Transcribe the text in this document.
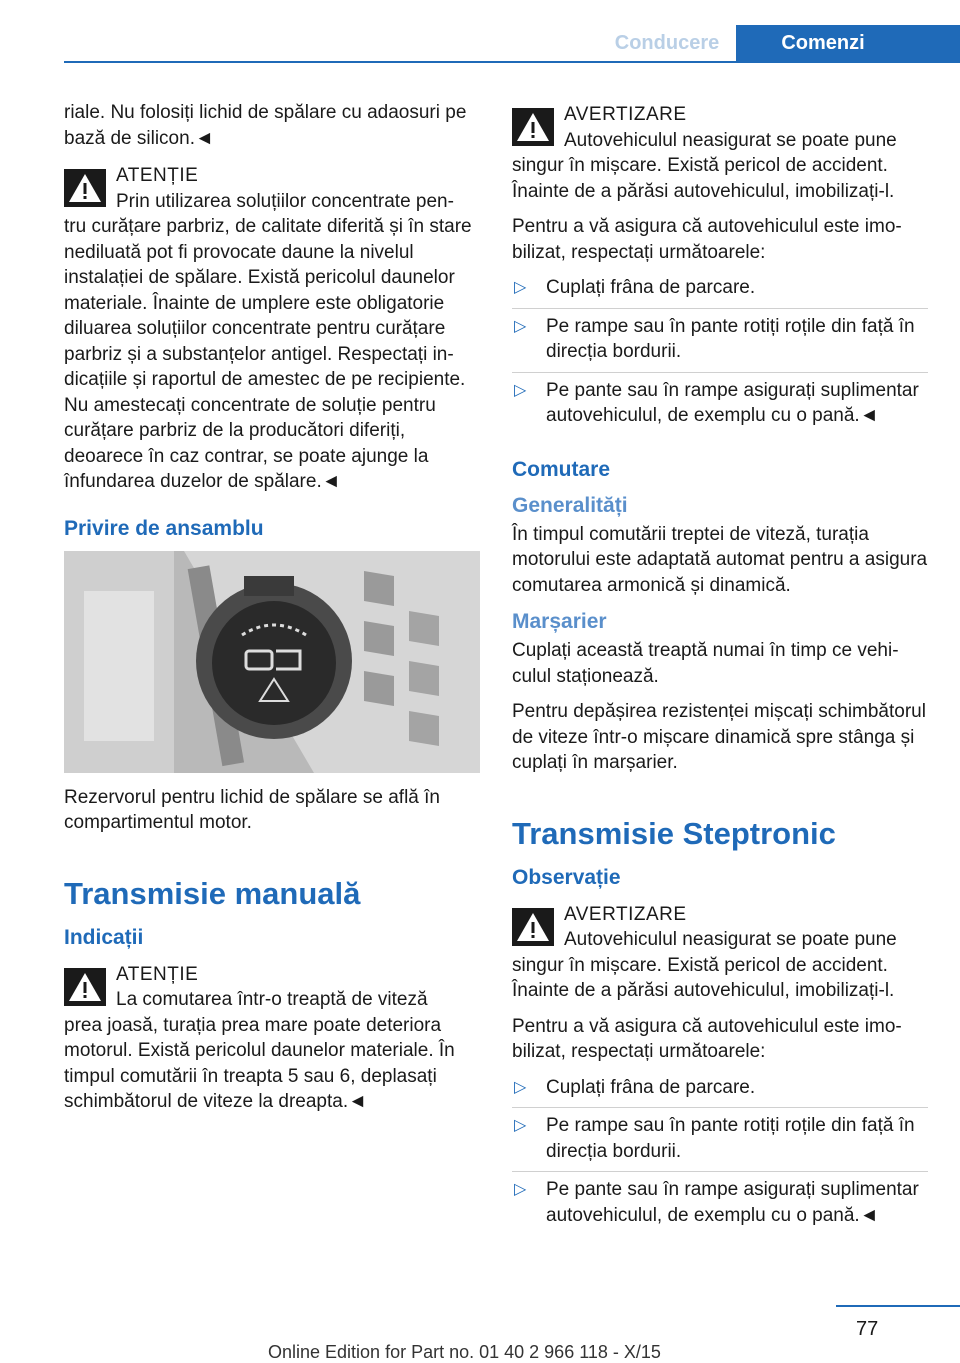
Conducere	Comenzi

riale. Nu folosiți lichid de spălare cu adaosuri pe bază de silicon.◄

ATENȚIE
Prin utilizarea soluțiilor concentrate pen-
tru curățare parbriz, de calitate diferită și în stare nediluată pot fi provocate daune la nivelul instalației de spălare. Există pericolul daunelor materiale. Înainte de umplere este obligatorie diluarea soluțiilor concentrate pentru curățare parbriz și a substanțelor antigel. Respectați indicațiile și raportul de amestec de pe recipiente. Nu amestecați concentrate de soluție pentru curățare parbriz de la producători diferiți, deoarece în caz contrar, se poate ajunge la înfundarea duzelor de spălare.◄
Privire de ansamblu

Rezervorul pentru lichid de spălare se află în compartimentul motor.

Transmisie manuală
Indicații
ATENȚIE
La comutarea într-o treaptă de viteză
prea joasă, turația prea mare poate deteriora motorul. Există pericolul daunelor materiale. În timpul comutării în treapta 5 sau 6, deplasați schimbătorul de viteze la dreapta.◄
AVERTIZARE
Autovehiculul neasigurat se poate pune
singur în mișcare. Există pericol de accident. Înainte de a părăsi autovehiculul, imobilizați-l.

Pentru a vă asigura că autovehiculul este imobilizat, respectați următoarele:

▷ Cuplați frâna de parcare.
▷ Pe rampe sau în pante rotiți roțile din față în direcția bordurii.
▷ Pe pante sau în rampe asigurați suplimentar autovehiculul, de exemplu cu o pană.◄
Comutare
Generalități

În timpul comutării treptei de viteză, turația motorului este adaptată automat pentru a asigura comutarea armonică și dinamică.

Marșarier

Cuplați această treaptă numai în timp ce vehiculul staționează.

Pentru depășirea rezistenței mișcați schimbătorul de viteze într-o mișcare dinamică spre stânga și cuplați în marșarier.

Transmisie Steptronic
Observație
AVERTIZARE
Autovehiculul neasigurat se poate pune
singur în mișcare. Există pericol de accident. Înainte de a părăsi autovehiculul, imobilizați-l.

Pentru a vă asigura că autovehiculul este imobilizat, respectați următoarele:

▷ Cuplați frâna de parcare.
▷ Pe rampe sau în pante rotiți roțile din față în direcția bordurii.
▷ Pe pante sau în rampe asigurați suplimentar autovehiculul, de exemplu cu o pană.◄
77
Online Edition for Part no. 01 40 2 966 118 - X/15
